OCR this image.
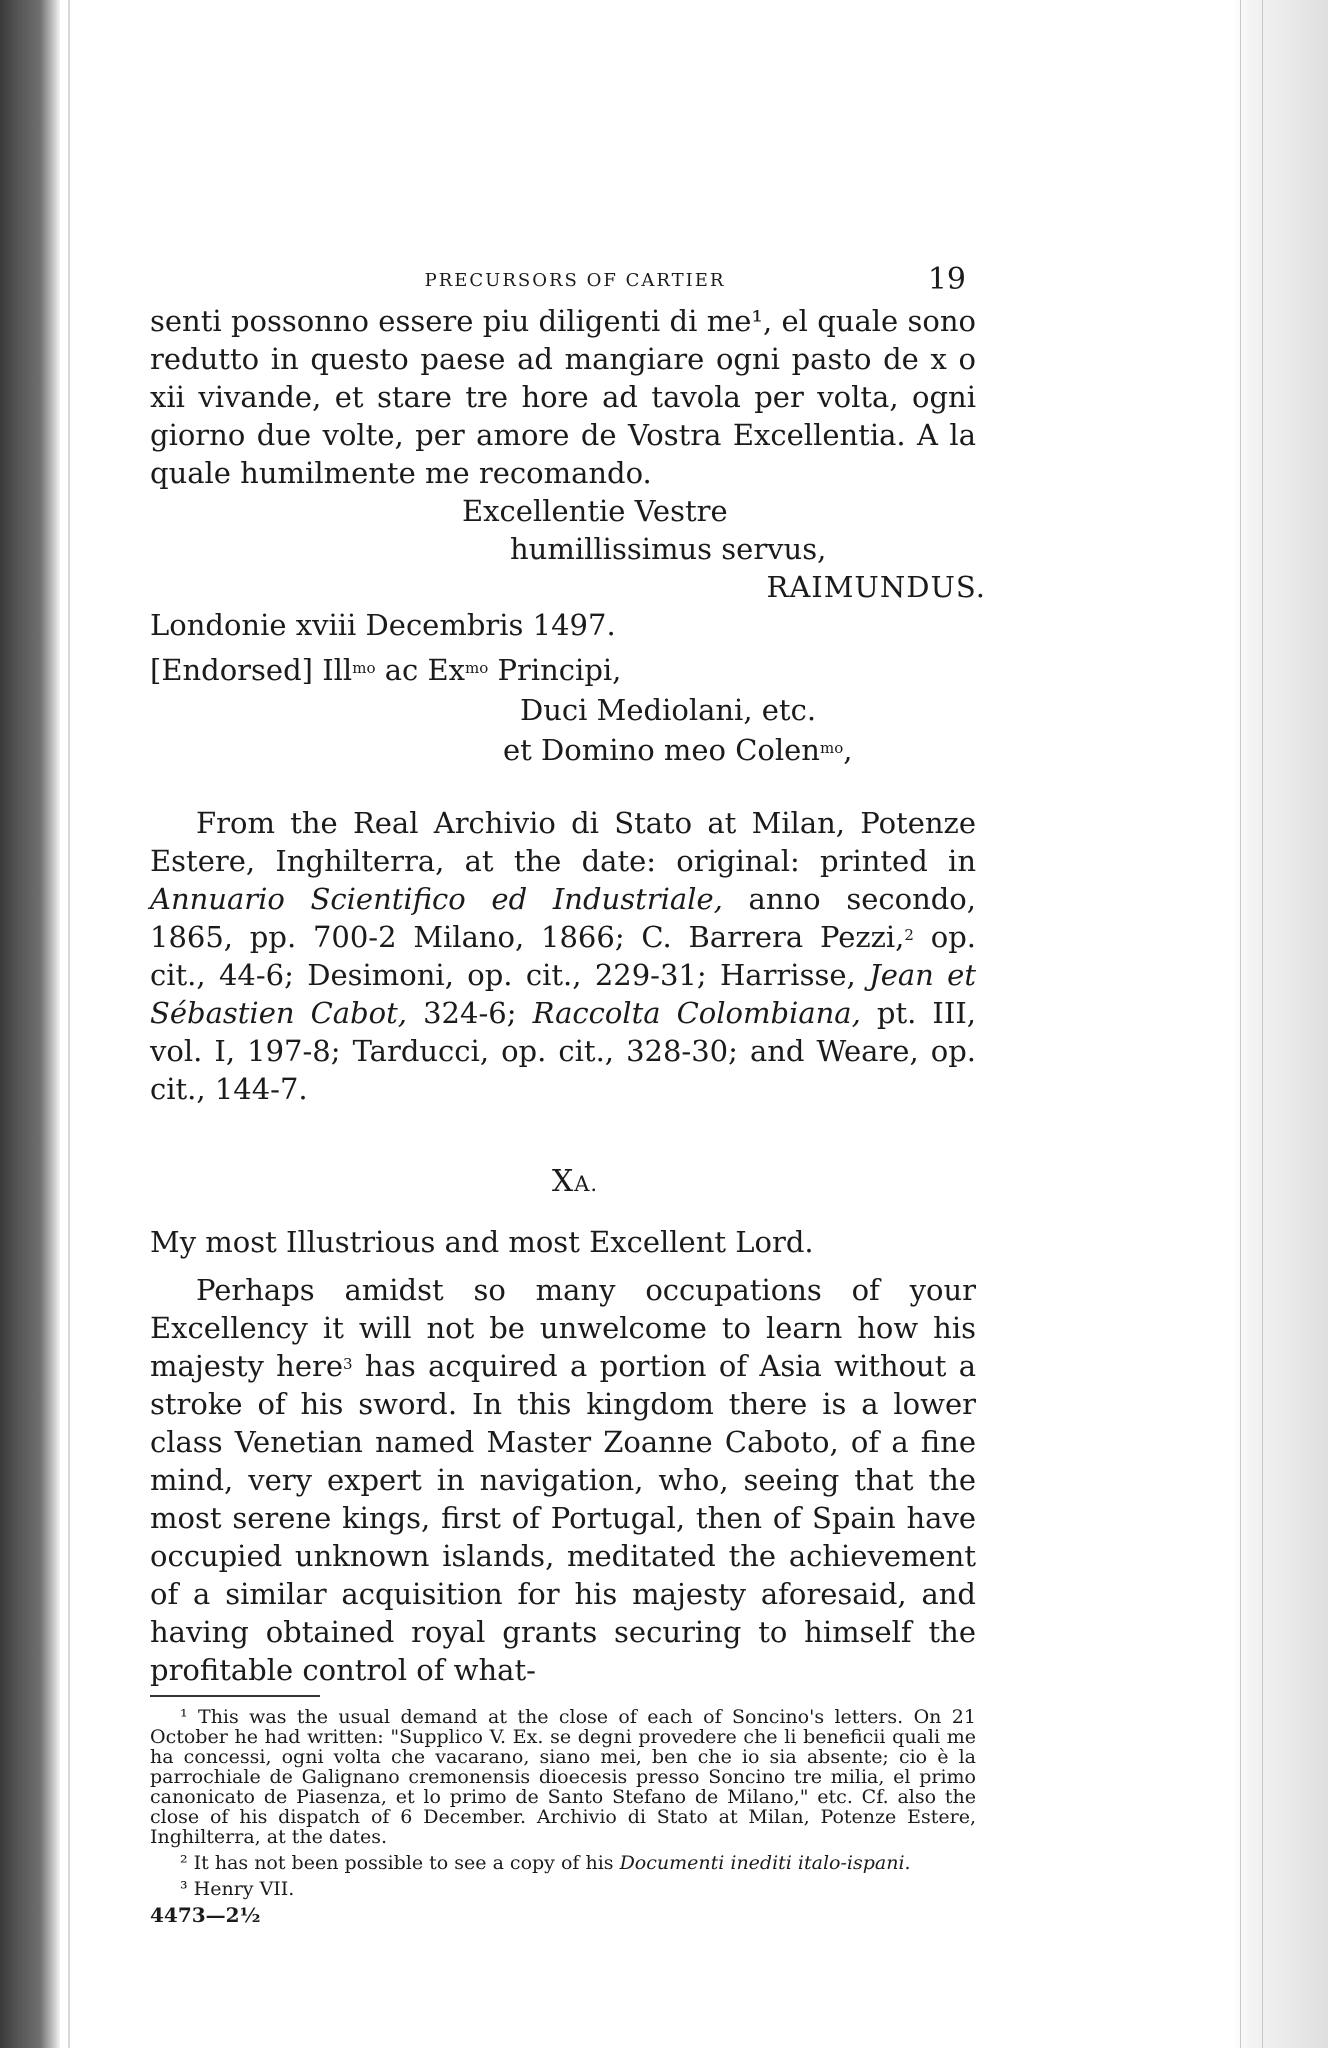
PRECURSORS OF CARTIER	19

senti possonno essere piu diligenti di me¹, el quale sono redutto in questo paese ad mangiare ogni pasto de x o xii vivande, et stare tre hore ad tavola per volta, ogni giorno due volte, per amore de Vostra Excellentia. A la quale humilmente me recomando.

Excellentie Vestre

humillissimus servus,

RAIMUNDUS.

Londonie xviii Decembris 1497.

[Endorsed] Ill$^{mo}$ ac $Ex^{mo}$ Principi,
Duci Mediolani, etc.
et Domino meo Colen$^{mo}$,

From the Real Archivio di Stato at Milan, Potenze Estere, Inghilterra, at the date: original: printed in Annuario Scientifico ed Industriale, anno secondo, 1865, pp. 700-2 Milano, 1866; C. Barrera Pezzi,$^2$ op. cit., 44-6; Desimoni, op. cit., 229-31; Harrisse, Jean et Sébastien Cabot, 324-6; Raccolta Colombiana, pt. III, vol. I, 197-8; Tarducci, op. cit., 328-30; and Weare, op. cit., 144-7.

XA.

My most Illustrious and most Excellent Lord.

Perhaps amidst so many occupations of your Excellency it will not be unwelcome to learn how his majesty here$^3$ has acquired a portion of Asia without a stroke of his sword. In this kingdom there is a lower class Venetian named Master Zoanne Caboto, of a fine mind, very expert in navigation, who, seeing that the most serene kings, first of Portugal, then of Spain have occupied unknown islands, meditated the achievement of a similar acquisition for his majesty aforesaid, and having obtained royal grants securing to himself the profitable control of what-

¹ This was the usual demand at the close of each of Soncino's letters. On 21 October he had written: "Supplico V. Ex. se degni provedere che li beneficii quali me ha concessi, ogni volta che vacarano, siano mei, ben che io sia absente; cio è la parrochiale de Galignano cremonensis dioecesis presso Soncino tre milia, el primo canonicato de Piasenza, et lo primo de Santo Stefano de Milano," etc. Cf. also the close of his dispatch of 6 December. Archivio di Stato at Milan, Potenze Estere, Inghilterra, at the dates.

² It has not been possible to see a copy of his Documenti inediti italo-ispani.

³ Henry VII.

4473—2½
